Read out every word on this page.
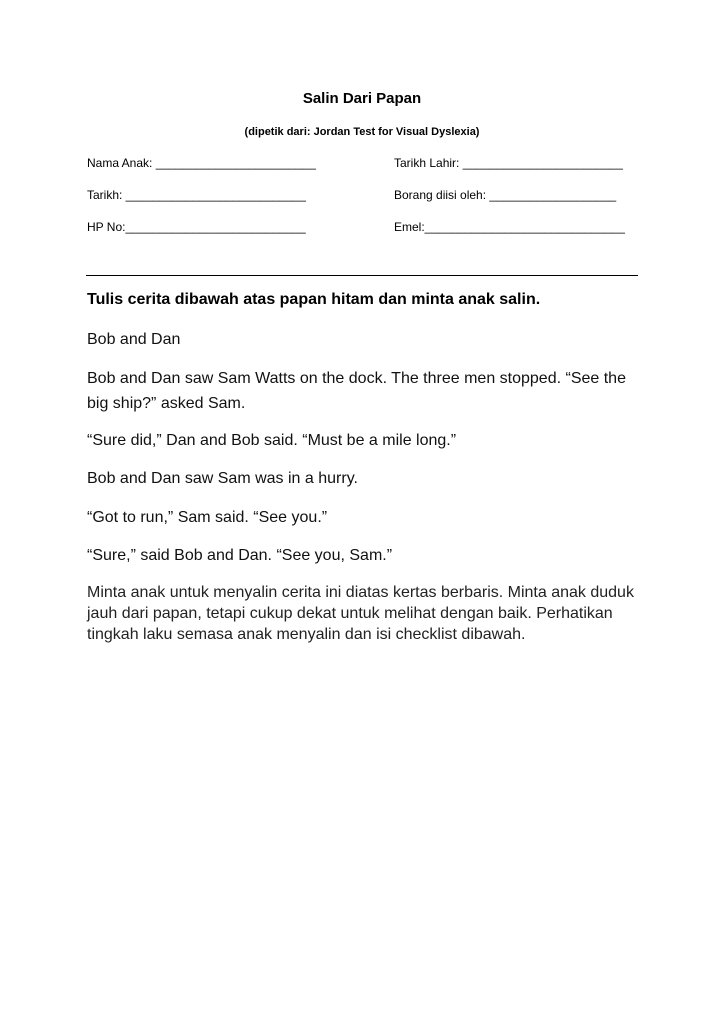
Salin Dari Papan
(dipetik dari: Jordan Test for Visual Dyslexia)
Nama Anak: ________________________	Tarikh Lahir: ________________________
Tarikh: ___________________________	Borang diisi oleh: ___________________
HP No:___________________________	Emel:______________________________
Tulis cerita dibawah atas papan hitam dan minta anak salin.
Bob and Dan
Bob and Dan saw Sam Watts on the dock. The three men stopped. “See the big ship?” asked Sam.
“Sure did,” Dan and Bob said. “Must be a mile long.”
Bob and Dan saw Sam was in a hurry.
“Got to run,” Sam said. “See you.”
“Sure,” said Bob and Dan. “See you, Sam.”
Minta anak untuk menyalin cerita ini diatas kertas berbaris. Minta anak duduk jauh dari papan, tetapi cukup dekat untuk melihat dengan baik. Perhatikan tingkah laku semasa anak menyalin dan isi checklist dibawah.
